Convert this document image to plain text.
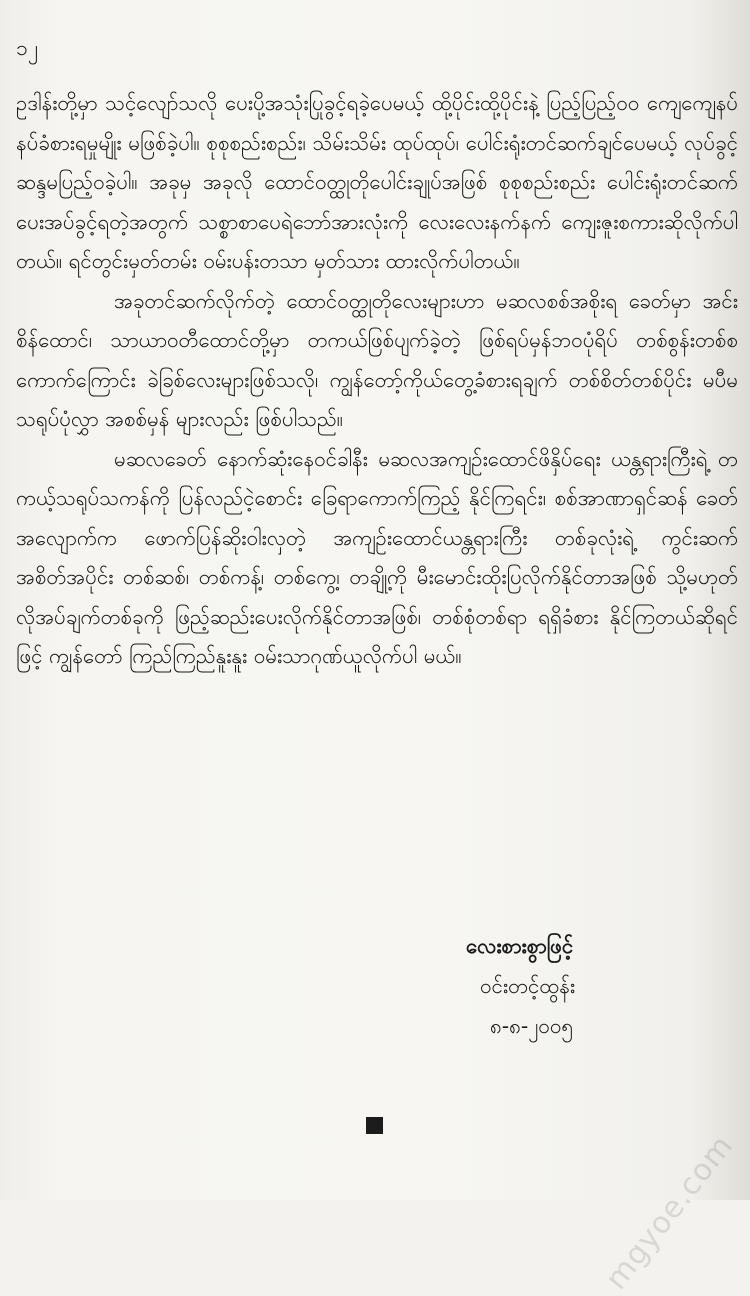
၁၂

ဥဒါန်းတို့မှာ သင့်လျော်သလို ပေးပို့အသုံးပြုခွင့်ရခဲ့ပေမယ့် ထို့ပိုင်းထို့ပိုင်းနဲ့ ပြည့်ပြည့်ဝဝ ကျေကျေနပ်နပ်ခံစားရမှုမျိုး မဖြစ်ခဲ့ပါ။ စုစုစည်းစည်း၊ သိမ်းသိမ်း ထုပ်ထုပ်၊ ပေါင်းရုံးတင်ဆက်ချင်ပေမယ့် လုပ်ခွင့်ဆန္ဒမပြည့်ဝခဲ့ပါ။ အခုမှ အခုလို ထောင်ဝတ္ထုတိုပေါင်းချုပ်အဖြစ် စုစုစည်းစည်း ပေါင်းရုံးတင်ဆက် ပေးအပ်ခွင့်ရတဲ့အတွက် သစ္စာစာပေရဲဘော်အားလုံးကို လေးလေးနက်နက် ကျေးဇူးစကားဆိုလိုက်ပါတယ်။ ရင်တွင်းမှတ်တမ်း ဝမ်းပန်းတသာ မှတ်သား ထားလိုက်ပါတယ်။

အခုတင်ဆက်လိုက်တဲ့ ထောင်ဝတ္ထုတိုလေးများဟာ မဆလစစ်အစိုးရ ခေတ်မှာ အင်းစိန်ထောင်၊ သာယာဝတီထောင်တို့မှာ တကယ်ဖြစ်ပျက်ခဲ့တဲ့ ဖြစ်ရပ်မှန်ဘဝပုံရိပ် တစ်စွန်းတစ်စကောက်ကြောင်း ခဲခြစ်လေးများဖြစ်သလို၊ ကျွန်တော့်ကိုယ်တွေ့ခံစားရချက် တစ်စိတ်တစ်ပိုင်း မပီမသရုပ်ပုံလွှာ အစစ်မှန် များလည်း ဖြစ်ပါသည်။

မဆလခေတ် နောက်ဆုံးနေဝင်ခါနီး မဆလအကျဉ်းထောင်ဖိနှိပ်ရေး ယန္တရားကြီးရဲ့ တကယ့်သရုပ်သကန်ကို ပြန်လည်ငဲ့စောင်း ခြေရာကောက်ကြည့် နိုင်ကြရင်း၊ စစ်အာဏာရှင်ဆန် ခေတ်အလျောက်က ဖောက်ပြန်ဆိုးဝါးလှတဲ့ အကျဉ်းထောင်ယန္တရားကြီး တစ်ခုလုံးရဲ့ ကွင်းဆက်အစိတ်အပိုင်း တစ်ဆစ်၊ တစ်ကန့်၊ တစ်ကွေ့၊ တချို့ကို မီးမောင်းထိုးပြလိုက်နိုင်တာအဖြစ် သို့မဟုတ် လိုအပ်ချက်တစ်ခုကို ဖြည့်ဆည်းပေးလိုက်နိုင်တာအဖြစ်၊ တစ်စုံတစ်ရာ ရရှိခံစား နိုင်ကြတယ်ဆိုရင်ဖြင့် ကျွန်တော် ကြည်ကြည်နူးနူး ဝမ်းသာဂုဏ်ယူလိုက်ပါ မယ်။

လေးစားစွာဖြင့်
ဝင်းတင့်ထွန်း
၈-၈-၂၀၀၅
mgyoe.com
